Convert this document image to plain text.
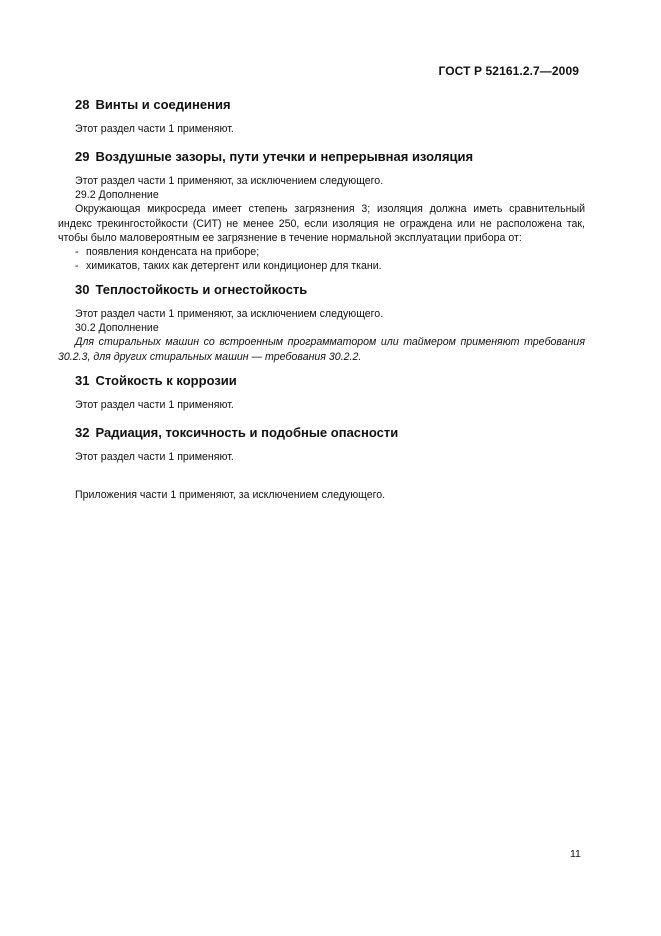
ГОСТ Р 52161.2.7—2009
28 Винты и соединения

Этот раздел части 1 применяют.

29 Воздушные зазоры, пути утечки и непрерывная изоляция

Этот раздел части 1 применяют, за исключением следующего.

29.2 Дополнение

Окружающая микросреда имеет степень загрязнения 3; изоляция должна иметь сравнительный индекс трекингостойкости (СИТ) не менее 250, если изоляция не ограждена или не расположена так, чтобы было маловероятным ее загрязнение в течение нормальной эксплуатации прибора от:

- появления конденсата на приборе;
- химикатов, таких как детергент или кондиционер для ткани.
30 Теплостойкость и огнестойкость

Этот раздел части 1 применяют, за исключением следующего.

30.2 Дополнение

Для стиральных машин со встроенным программатором или таймером применяют требования 30.2.3, для других стиральных машин — требования 30.2.2.

31 Стойкость к коррозии

Этот раздел части 1 применяют.

32 Радиация, токсичность и подобные опасности

Этот раздел части 1 применяют.

Приложения части 1 применяют, за исключением следующего.

11
